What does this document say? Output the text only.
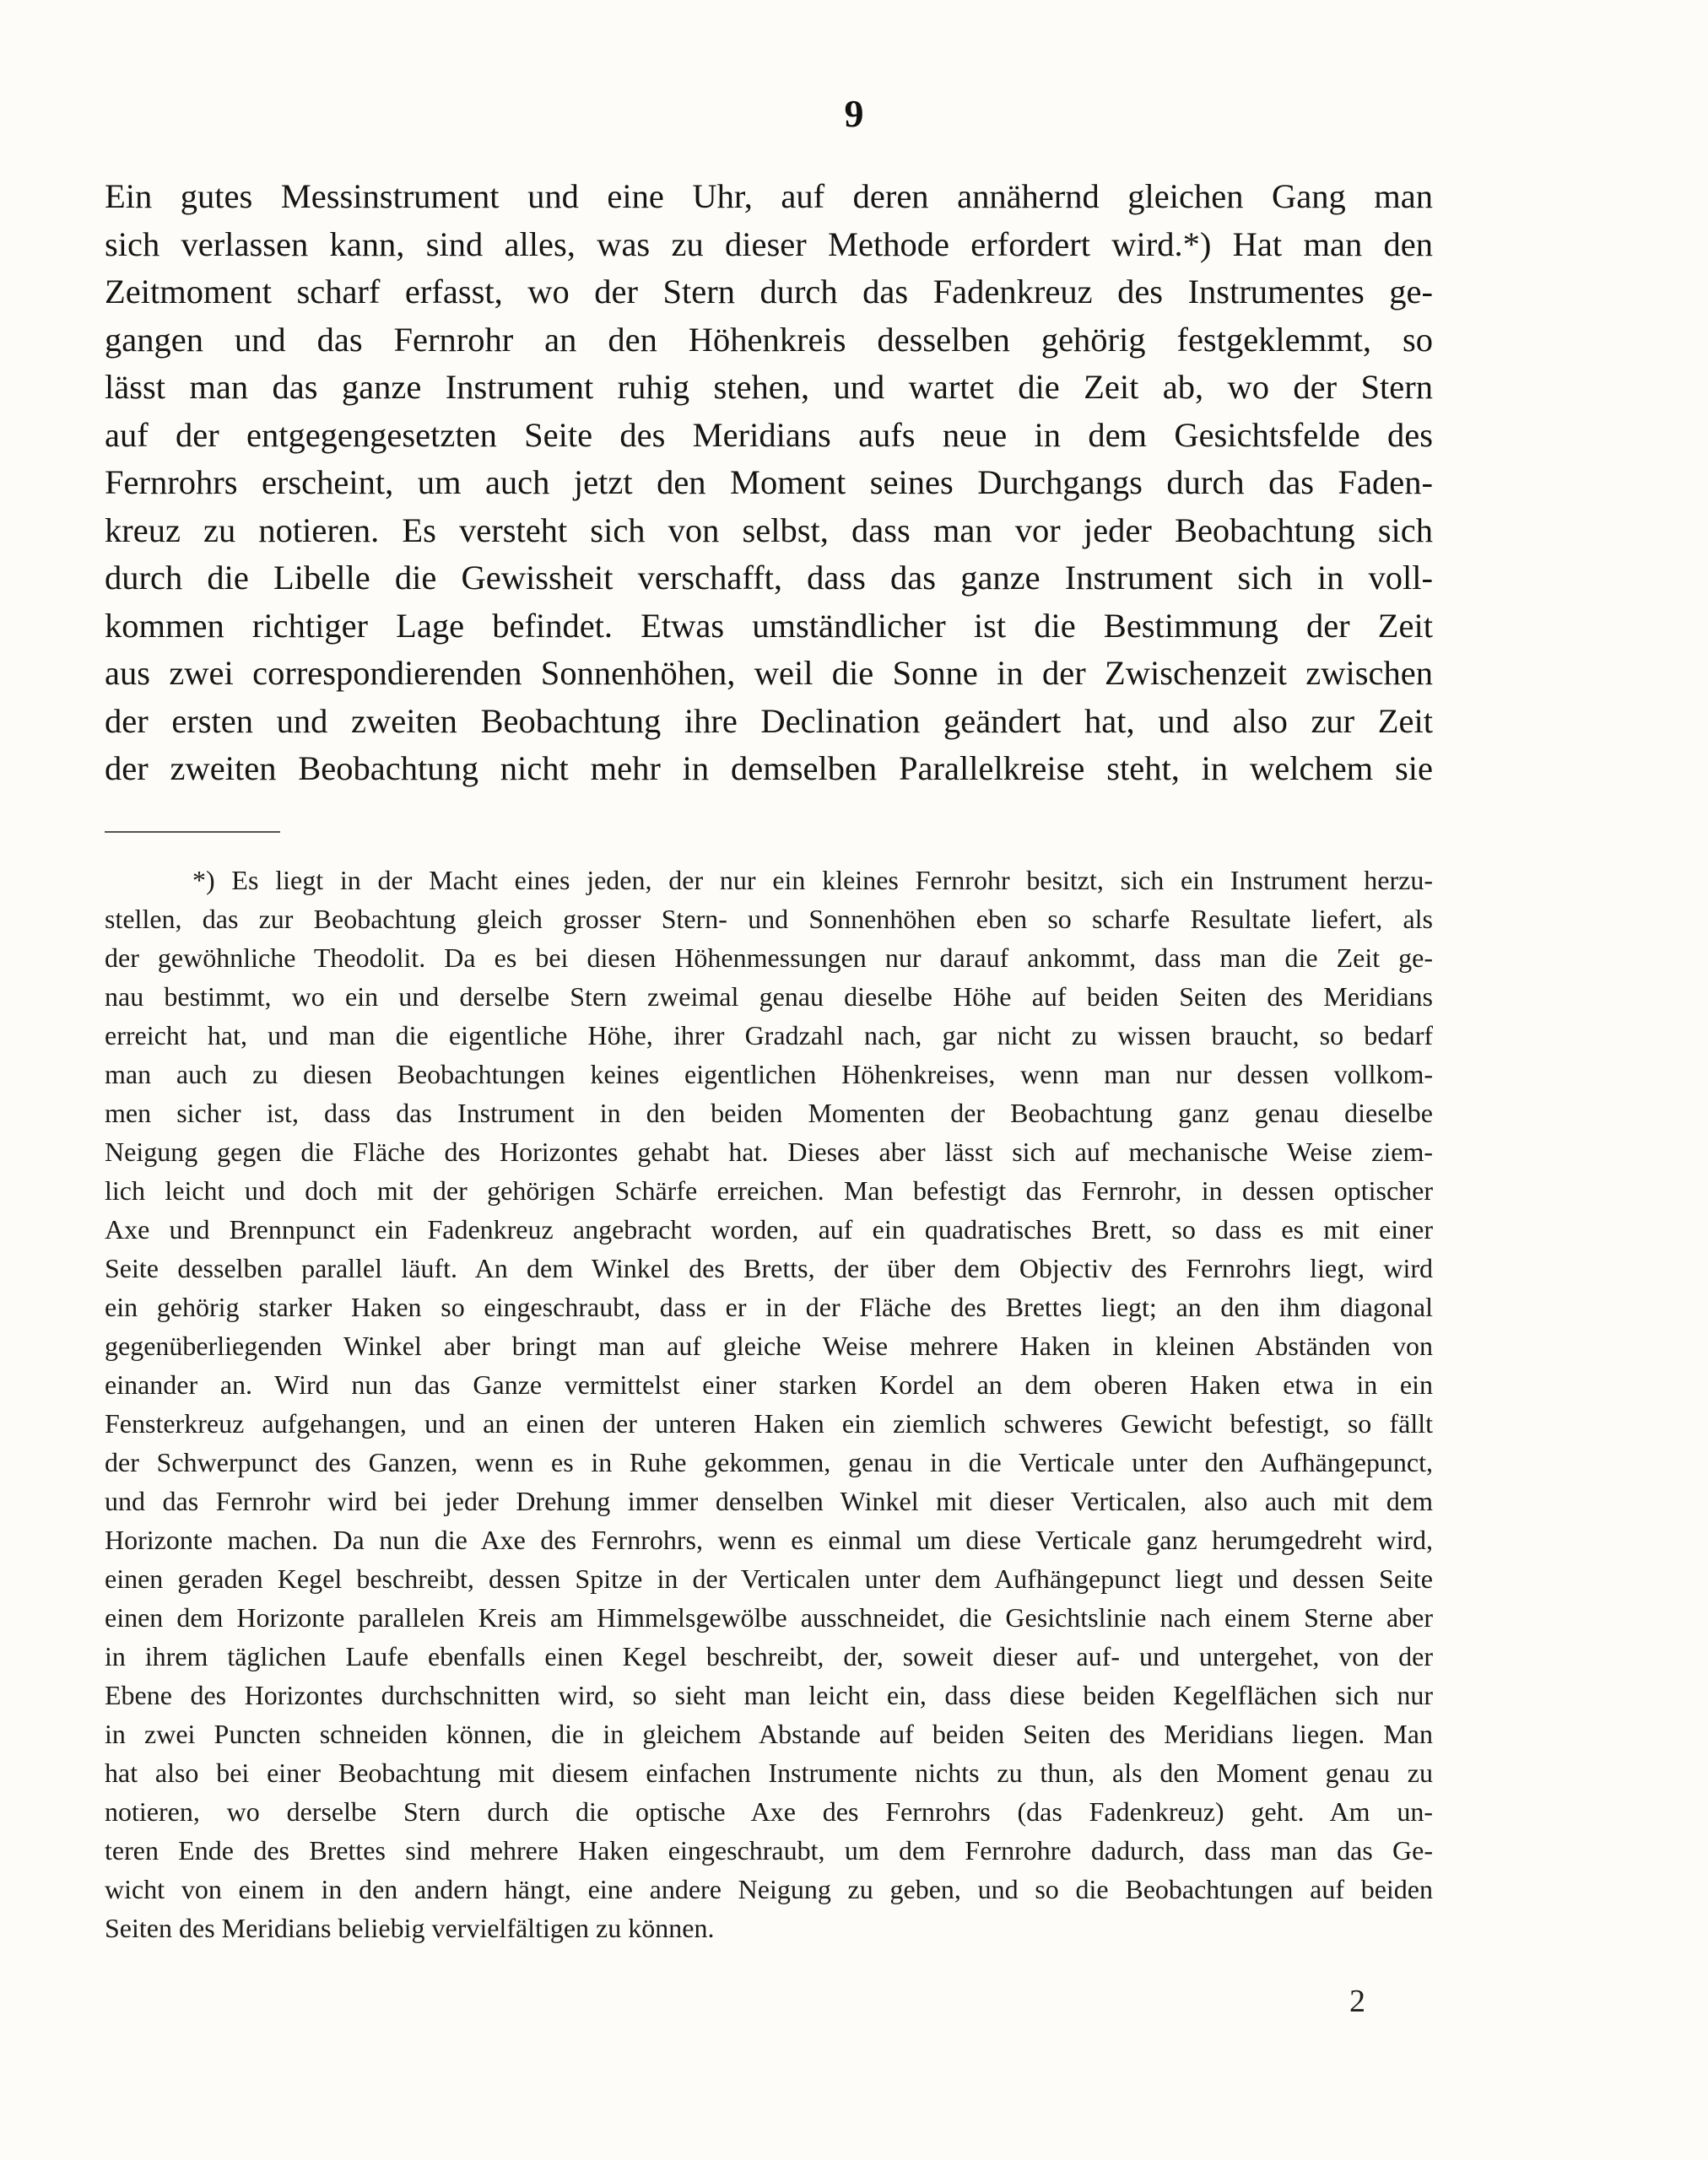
9
Ein gutes Messinstrument und eine Uhr, auf deren annähernd gleichen Gang man
sich verlassen kann, sind alles, was zu dieser Methode erfordert wird.*) Hat man den
Zeitmoment scharf erfasst, wo der Stern durch das Fadenkreuz des Instrumentes ge-
gangen und das Fernrohr an den Höhenkreis desselben gehörig festgeklemmt, so
lässt man das ganze Instrument ruhig stehen, und wartet die Zeit ab, wo der Stern
auf der entgegengesetzten Seite des Meridians aufs neue in dem Gesichtsfelde des
Fernrohrs erscheint, um auch jetzt den Moment seines Durchgangs durch das Faden-
kreuz zu notieren. Es versteht sich von selbst, dass man vor jeder Beobachtung sich
durch die Libelle die Gewissheit verschafft, dass das ganze Instrument sich in voll-
kommen richtiger Lage befindet. Etwas umständlicher ist die Bestimmung der Zeit
aus zwei correspondierenden Sonnenhöhen, weil die Sonne in der Zwischenzeit zwischen
der ersten und zweiten Beobachtung ihre Declination geändert hat, und also zur Zeit
der zweiten Beobachtung nicht mehr in demselben Parallelkreise steht, in welchem sie
*) Es liegt in der Macht eines jeden, der nur ein kleines Fernrohr besitzt, sich ein Instrument herzu-
stellen, das zur Beobachtung gleich grosser Stern- und Sonnenhöhen eben so scharfe Resultate liefert, als
der gewöhnliche Theodolit. Da es bei diesen Höhenmessungen nur darauf ankommt, dass man die Zeit ge-
nau bestimmt, wo ein und derselbe Stern zweimal genau dieselbe Höhe auf beiden Seiten des Meridians
erreicht hat, und man die eigentliche Höhe, ihrer Gradzahl nach, gar nicht zu wissen braucht, so bedarf
man auch zu diesen Beobachtungen keines eigentlichen Höhenkreises, wenn man nur dessen vollkom-
men sicher ist, dass das Instrument in den beiden Momenten der Beobachtung ganz genau dieselbe
Neigung gegen die Fläche des Horizontes gehabt hat. Dieses aber lässt sich auf mechanische Weise ziem-
lich leicht und doch mit der gehörigen Schärfe erreichen. Man befestigt das Fernrohr, in dessen optischer
Axe und Brennpunct ein Fadenkreuz angebracht worden, auf ein quadratisches Brett, so dass es mit einer
Seite desselben parallel läuft. An dem Winkel des Bretts, der über dem Objectiv des Fernrohrs liegt, wird
ein gehörig starker Haken so eingeschraubt, dass er in der Fläche des Brettes liegt; an den ihm diagonal
gegenüberliegenden Winkel aber bringt man auf gleiche Weise mehrere Haken in kleinen Abständen von
einander an. Wird nun das Ganze vermittelst einer starken Kordel an dem oberen Haken etwa in ein
Fensterkreuz aufgehangen, und an einen der unteren Haken ein ziemlich schweres Gewicht befestigt, so fällt
der Schwerpunct des Ganzen, wenn es in Ruhe gekommen, genau in die Verticale unter den Aufhängepunct,
und das Fernrohr wird bei jeder Drehung immer denselben Winkel mit dieser Verticalen, also auch mit dem
Horizonte machen. Da nun die Axe des Fernrohrs, wenn es einmal um diese Verticale ganz herumgedreht wird,
einen geraden Kegel beschreibt, dessen Spitze in der Verticalen unter dem Aufhängepunct liegt und dessen Seite
einen dem Horizonte parallelen Kreis am Himmelsgewölbe ausschneidet, die Gesichtslinie nach einem Sterne aber
in ihrem täglichen Laufe ebenfalls einen Kegel beschreibt, der, soweit dieser auf- und untergehet, von der
Ebene des Horizontes durchschnitten wird, so sieht man leicht ein, dass diese beiden Kegelflächen sich nur
in zwei Puncten schneiden können, die in gleichem Abstande auf beiden Seiten des Meridians liegen. Man
hat also bei einer Beobachtung mit diesem einfachen Instrumente nichts zu thun, als den Moment genau zu
notieren, wo derselbe Stern durch die optische Axe des Fernrohrs (das Fadenkreuz) geht. Am un-
teren Ende des Brettes sind mehrere Haken eingeschraubt, um dem Fernrohre dadurch, dass man das Ge-
wicht von einem in den andern hängt, eine andere Neigung zu geben, und so die Beobachtungen auf beiden
Seiten des Meridians beliebig vervielfältigen zu können.
2
